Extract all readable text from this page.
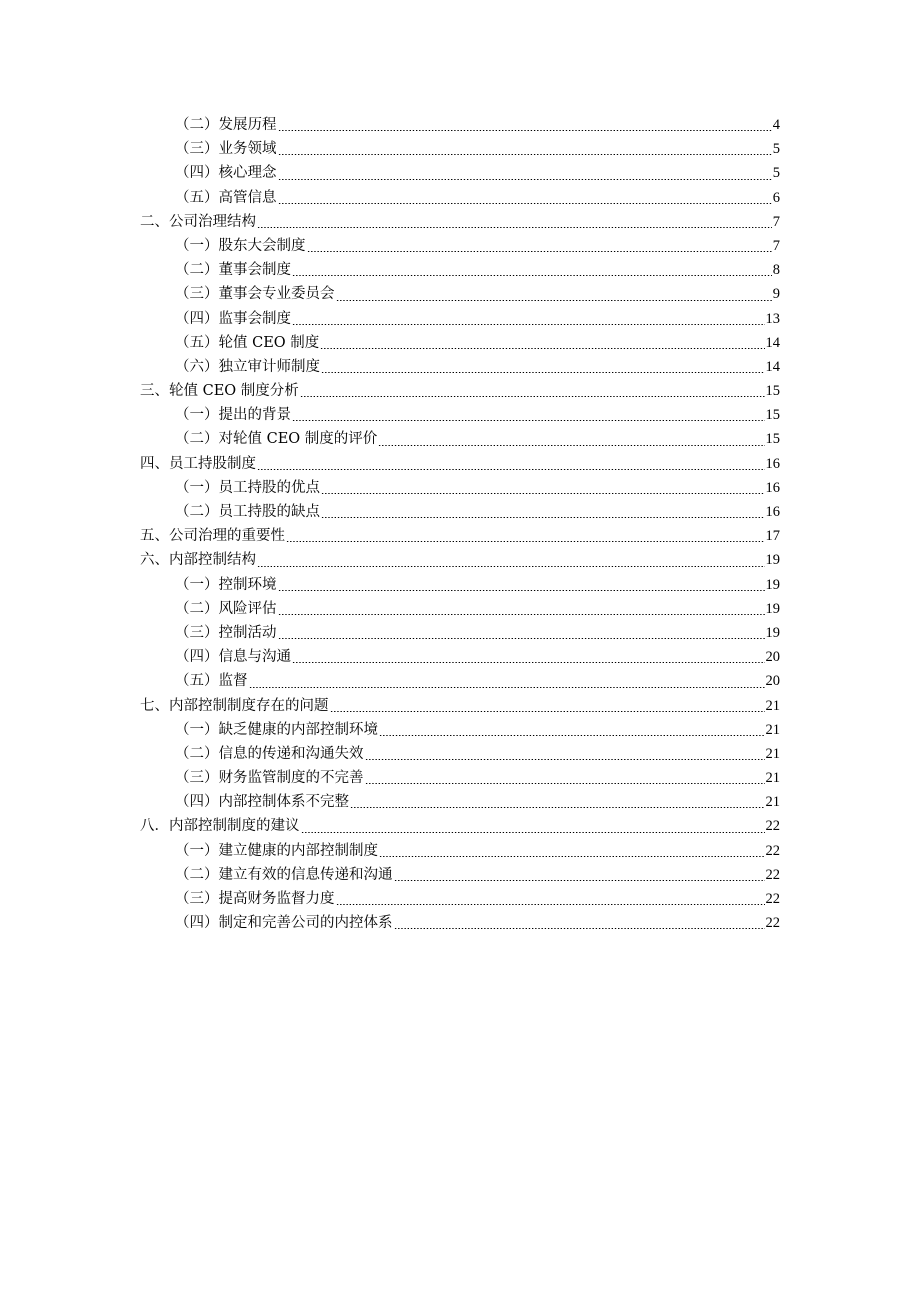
（二）发展历程	4
（三）业务领域	5
（四）核心理念	5
（五）高管信息	6
二、公司治理结构	7
（一）股东大会制度	7
（二）董事会制度	8
（三）董事会专业委员会	9
（四）监事会制度	13
（五）轮值 CEO 制度	14
（六）独立审计师制度	14
三、轮值 CEO 制度分析	15
（一）提出的背景	15
（二）对轮值 CEO 制度的评价	15
四、员工持股制度	16
（一）员工持股的优点	16
（二）员工持股的缺点	16
五、公司治理的重要性	17
六、内部控制结构	19
（一）控制环境	19
（二）风险评估	19
（三）控制活动	19
（四）信息与沟通	20
（五）监督	20
七、内部控制制度存在的问题	21
（一）缺乏健康的内部控制环境	21
（二）信息的传递和沟通失效	21
（三）财务监管制度的不完善	21
（四）内部控制体系不完整	21
八．内部控制制度的建议	22
（一）建立健康的内部控制制度	22
（二）建立有效的信息传递和沟通	22
（三）提高财务监督力度	22
（四）制定和完善公司的内控体系	22
